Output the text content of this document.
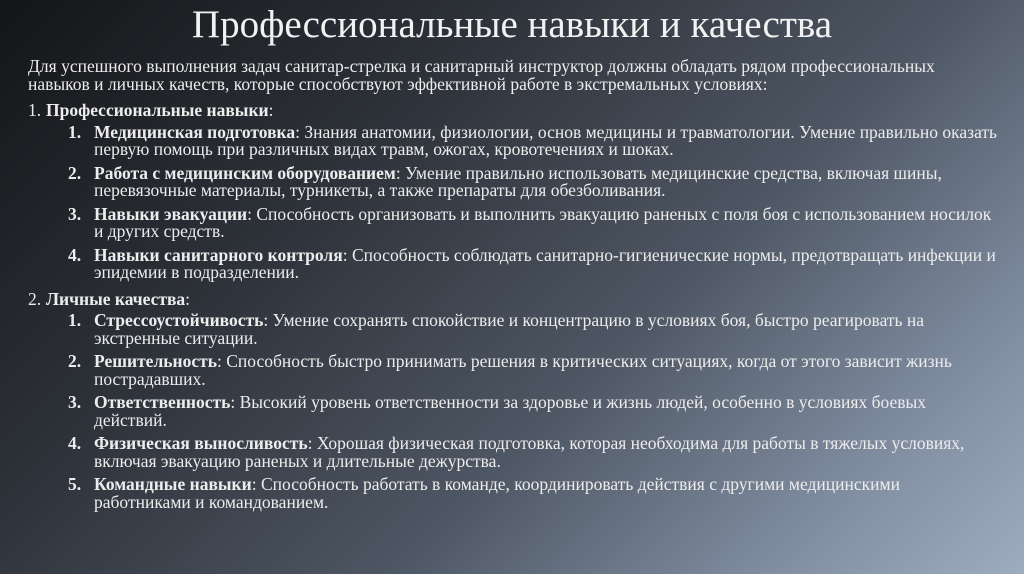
Профессиональные навыки и качества

Для успешного выполнения задач санитар-стрелка и санитарный инструктор должны обладать рядом профессиональных навыков и личных качеств, которые способствуют эффективной работе в экстремальных условиях:

1. Профессиональные навыки:
1. Медицинская подготовка: Знания анатомии, физиологии, основ медицины и травматологии. Умение правильно оказать первую помощь при различных видах травм, ожогах, кровотечениях и шоках.
2. Работа с медицинским оборудованием: Умение правильно использовать медицинские средства, включая шины, перевязочные материалы, турникеты, а также препараты для обезболивания.
3. Навыки эвакуации: Способность организовать и выполнить эвакуацию раненых с поля боя с использованием носилок и других средств.
4. Навыки санитарного контроля: Способность соблюдать санитарно-гигиенические нормы, предотвращать инфекции и эпидемии в подразделении.
2. Личные качества:
1. Стрессоустойчивость: Умение сохранять спокойствие и концентрацию в условиях боя, быстро реагировать на экстренные ситуации.
2. Решительность: Способность быстро принимать решения в критических ситуациях, когда от этого зависит жизнь пострадавших.
3. Ответственность: Высокий уровень ответственности за здоровье и жизнь людей, особенно в условиях боевых действий.
4. Физическая выносливость: Хорошая физическая подготовка, которая необходима для работы в тяжелых условиях, включая эвакуацию раненых и длительные дежурства.
5. Командные навыки: Способность работать в команде, координировать действия с другими медицинскими работниками и командованием.
